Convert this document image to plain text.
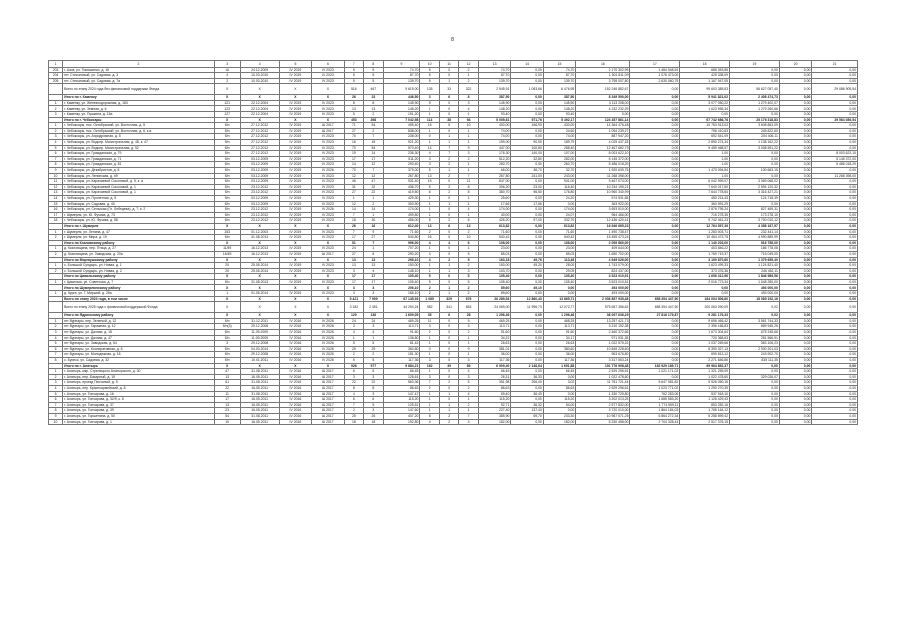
8
1	2	3	4	5	6	7	8	9	10	11	12	13	14	15	16	17	18	19	20	21
203	г. Азов, ул. Тимошенко, д. 16	Ш	24.12.2009	IV 2019	IV 2023	5	5	74,70	5	0	2	74,70	0,00	74,70	2 170 302,99	1 484 948,54	685 353,85	0,00	0,00	0,00
204	пгт. Стеколовый, ул. Садовая, д. 3	4	10.03.2010	IV 2019	IV 2023	5	5	87,70	5	0	1	87,70	0,00	87,70	1 501 811,09	1 076 473,00	425 338,09	0,00	0,00	0,00
205	пгт. Стеколовый, ул. Садовая, д. 7а	2	10.03.2010	IV 2019	IV 2023	5	5	139,70	5	1	2	139,70	0,00	139,70	3 798 007,80	2 630 060,75	1 167 947,05	0,00	0,00	0,00
	Всего по этапу 2024 года без финансовой поддержки Фонда	Х	Х	Х	Х	516	467	9 619,00	135	33	322	2 545,91	1 063,66	6 476,95	152 246 882,67	0,00	99 603 385,83	56 627 057,40	0,00	29 086 909,54
	Итого по г. Каменку	Х	Х	Х	Х	26	23	446,50	3	6	8	387,50	0,00	387,50	8 349 590,00	0,00	5 941 821,02	2 408 474,73	0,00	0,00
1	г. Каменку, ул. Железнодорожная, д. 183	121	22.12.2004	IV 2019	IV 2023	8	8	145,90	5	0	3	145,90	0,00	145,90	4 113 208,00	0,00	3 077 050,22	1 279 402,07	0,00	0,00
2	г. Каменку, ул. Земная, д. 6	123	22.12.2004	IV 2019	IV 2023	13	13	148,20	1	0	4	148,20	0,00	148,20	4 232 232,29	0,00	1 623 955,34	1 279 260,66	0,00	0,00
3	г. Каменку, ул. Пушкина, д. 15а	127	22.12.2004	IV 2019	IV 2023	5	2	151,20	1	0	1	93,40	0,00	93,40	0,00	0,00	0,00	0,00	0,00	0,00
	Итого по г. Чебоксары	Х	Х	Х	Х	453	398	7 042,98	114	38	94	5 005,61	971,76	5 492,17	124 457 861,14	0,00	67 742 686,76	25 176 318,83	0,00	29 564 089,54
1	г. Чебоксары, пос. Октябрьский, ул. Восточная, д. 5	б/н	27.12.2012	IV 2019	Ш 2017	71	54	495,40	15	5	10	400,00	166,90	430,00	14 364 476,48	0,00	10 753 913,02	3 608 863,09	0,00	0,00
2	г. Чебоксары, пос. Октябрьский, ул. Восточная, д. 6, к.а.	б/н	27.12.2012	IV 2019	Ш 2017	27	2	838,00	1	0	1	74,00	0,00	24,60	1 094 239,27	0,00	796 410,63	245 822,60	0,00	0,00
3	г. Чебоксары, ул. Аэродромная, д. 5	б/н	27.12.2012	IV 2019	IV 2023	70	7	238,00	0	1	1	74,00	0,00	74,00	887 947,20	0,00	692 541,09	204 406,11	0,00	0,00
4	г. Чебоксары, ул. Водопр. Магистральная, д. 48, к. 47	б/н	27.12.2012	IV 2019	IV 2023	16	18	921,20	1	1	1	199,00	90,90	189,79	4 029 437,18	0,00	2 890 274,34	1 138 162,22	0,00	0,00
5	г. Чебоксары, ул. Водопр. Магистральная, д. 52	б/н	27.12.2012	IV 2019	IV 2023	70	54	570,40	14	7	9	447,00	100,80	288,40	12 467 682,79	0,00	9 459 468,57	3 008 591,22	0,00	0,00
6	г. Чебоксары, ул. Гражданская, д. 79	б/н	27.12.2012	IV 2019	IV 2023	19	14	236,30	4	7	3	176,30	140,00	107,00	8 003 622,10	0,00	1,00	0,00	0,00	8 003 622,10
7	г. Чебоксары, ул. Гражданская, д. 71	б/н	03.12.2009	IV 2019	IV 2023	17	17	511,20	3	2	2	512,20	32,80	282,00	5 145 372,00	0,00	1,00	0,00	0,00	5 145 372,00
8	г. Чебоксары, ул. Гражданская, д. 81	б/н	03.12.2009	IV 2019	IV 2023	14	12	290,40	3	2	1	260,70	0,00	260,70	5 486 018,29	0,00	1,00	0,00	0,00	5 486 018,29
9	г. Чебоксары, ул. Декабристов, д. 8	б/н	03.12.2009	IV 2019	IV 2026	70	7	379,00	5	1	1	66,00	38,70	32,70	1 920 639,75	0,00	1 470 094,84	100 663,15	0,00	0,00
10	г. Чебоксары, ул. Ленинская, д. 69	б/н	03.12.2009	IV 2019	IV 2023	12	12	267,80	13	2	7	267,80	241,00	243,00	11 268 398,00	0,00	1,00	0,00	0,00	11 268 398,00
11	г. Чебоксары, ул. Карачаевой Соколовой, д. 5, к. а	б/н	03.12.2009	IV 2019	IV 2023	46	47	931,40	15	0	11	847,00	0,00	941,00	9 467 074,00	0,00	6 042 999,07	3 069 068,02	0,00	0,00
12	г. Чебоксары, ул. Карачаевой Соколовой, д. 1	б/н	23.12.2012	IV 2019	IV 2023	31	32	436,70	5	2	8	306,20	23,00	116,40	10 234 195,21	0,00	7 640 017,60	2 594 120,32	0,00	0,00
13	г. Чебоксары, ул. Карачаевой Соколовой, д. 1	б/н	23.12.2012	IV 2019	IV 2023	27	22	419,50	6	2	8	380,70	96,50	176,80	10 960 340,99	0,00	7 644 778,84	3 316 427,21	0,00	0,00
14	г. Чебоксары, ул. Пролетная, д. 5	б/н	03.12.2009	IV 2019	IV 2023	1	1	429,30	1	0	1	25,60	0,00	24,20	574 931,85	0,00	450 214,43	124 718,39	0,00	0,00
15	г. Чебоксары, ул. Садовая, д. 40	б/н	03.12.2009	IV 2019	IV 2023	12	2	300,90	1	1	1	17,66	17,66	0,00	363 922,00	0,00	360 991,29	0,00	0,00	0,00
16	г. Чебоксары, ул. Сельская (Гл. Лебедева), д. 7, к. 2	б/н	23.12.2012	IV 2019	IV 2026	14	14	174,00	1	0	4	174,00	0,00	174,00	3 693 510,00	0,00	2 876 795,24	827 469,31	0,00	0,00
17	г. Шумерля, ул. Ю. Фучика, д. 73	б/н	23.12.2012	IV 2019	IV 2023	7	1	499,80	1	0	1	40,00	0,00	24,0?	964 466,00	0,00	715 278,35	173 278,10	0,00	0,00
18	г. Чебоксары, ул. Ю. Фучика, д. 58	б/н	23.12.2012	IV 2019	IV 2023	18	30	456,00	5	2	6	426,20	97,00	332,70	12 436 420,41	0,00	9 742 461,23	3 700 010,12	0,00	0,00
	Итого по г. Шумерля	Х	Х	Х	Х	26	16	612,40	13	6	13	613,82	0,00	613,82	16 946 665,33	0,00	12 764 597,36	4 358 167,97	0,00	0,00
1	г. Шумерля, ул. Ленина, д. 47	153	01.12.2003	IV 2019	IV 2023	7	9	71,60	2	0	2	71,60	0,00	71,60	1 490 738,47	0,00	1 283 003,71	232 441,14	0,00	0,00
2	г. Шумерля, ул. Мира, д. 19	б/н	31.08.2013	IV 2019	IV 2023	17	27	540,80	16	0	10	540,42	0,00	540,42	15 455 473,24	0,00	10 464 473,75	4 990 889,99	0,00	0,00
	Итого по Козловскому району	Х	Х	Х	Х	51	7	996,00	4	4	6	108,00	0,00	108,00	2 059 860,00	0,00	1 140 203,00	916 758,00	0,00	0,00
1	д. Козловщина, пер. Птица, д. 27	11/49	16.12.2013	IV 2019	IV 2023	24	1	707,20	1	0	1	23,00	0,00	23,00	409 644,00	0,00	403 846,22	186 778,08	0,00	0,00
2	д. Козловщина, ул. Заводская, д. 20а	16/49	16.12.2013	IV 2019	Ш 2017	27	6	290,20	3	0	5	85,03	0,00	85,03	1 650 702,00	0,00	1 769 719,37	715 049,00	0,00	0,00
	Итого по Моргаушскому району	Х	Х	Х	Х	13	13	298,10	4	2	5	163,18	49,76	113,48	4 949 026,00	0,00	3 190 870,60	1 379 655,40	0,00	0,00
1	с. Большой Сундырь, ул. Новая, д. 1	20	25.05.2014	IV 2019	IV 2023	13	13	150,00	1	1	2	150,00	49,20	28,00	1 743 079,00	0,00	1 623 499,33	1 124 821,40	0,00	0,00
2	с. Большой Сундырь, ул. Новая, д. 2	20	25.05.2014	IV 2019	IV 2023	3	4	148,10	1	1	3	103,70	0,00	29,09	824 437,00	0,00	373 076,36	246 452,11	0,00	0,00
	Итого по Цивильскому району	Х	Х	Х	Х	17	17	105,40	5	0	5	105,40	0,00	105,40	3 523 010,51	0,00	1 696 312,96	1 846 989,56	0,00	0,00
1	г. Цивильск, ул. Советская, д. 7	б/н	31.08.2013	IV 2019	IV 2023	17	17	105,40	5	0	5	105,40	0,00	105,40	3 523 010,51	0,00	2 016 773,34	1 048 280,00	0,00	0,00
	Итого по Шумерлинскому району	Х	Х	Х	Х	3	3	206,10	2	1	2	89,60	49,10	0,00	493 000,00	0,00	0,00	493 000,00	0,00	0,00
1	д. Курга, ул. Г. Миршой, д. 25а	1	01.05.2014	IV 2019	IV 2023	3	3	166,10	2	1	2	89,60	0,00	0,00	493 000,00	0,00	0,00	493 000,00	0,00	0,00
	Всего по этапу 2024 года, в том числе	Х	Х	Х	Х	5 421	7 999	67 145,93	1 085	329	676	26 289,54	12 860,43	13 865,71	2 036 857 935,48	658 394 447,50	184 004 506,80	18 089 192,16	0,00	0,00
	Всего по этапу 2025 года с финансовой поддержкой Фонда	Х	Х	Х	Х	3 182	2 451	44 294,24	982	341	653	24 069,00	11 996,73	12 072,77	975 657 356,62	658 394 447,50	200 063 090,09	0,02	0,00	0,00
	Итого по Ядринскому району	Х	Х	Х	Х	129	136	1 609,05	35	6	28	1 296,46	0,00	1 296,46	36 097 636,29	27 816 179,87	9 281 176,33	0,02	0,00	0,00
1	пгт Вурнары, пер. Зеленый, д. 12	б/н	31.12.2011	IV 2016	IV 2026	24	24	469,25	11	0	9	469,25	0,00	468,25	13 257 421,73	0,00	9 696 465,42	3 561 744,33	0,00	0,00
2	пгт Вурнары, ул. Гаражная, д. 12	б/н(3)	29.12.2008	IV 2016	IV 2026	3	3	113,71	3	0	3	113,71	0,00	113,71	3 210 192,38	0,00	2 396 166,83	869 945,26	0,00	0,00
3	пгт Вурнары, ул. Дачная, д. 18	б/н	11.09.2009	IV 2016	IV 2026	4	4	91,60	2	0	2	91,60	0,00	91,60	2 460 372,66	0,00	1 673 304,64	675 245,66	0,00	0,00
4	пгт Вурнары, ул. Дачная, д. 47	б/н	11.09.2009	IV 2016	IV 2026	1	1	136,80	1	0	1	34,22	0,00	34,17	971 931,35	0,00	720 368,63	251 566,91	0,00	0,00
5	пгт Вурнары, ул. Заводская, д. 54	3	29.12.2008	IV 2016	IV 2026	5	5	81,42	1	0	1	26,63	0,00	26,63	1 022 575,22	0,00	1 037 269,66	363 106,23	0,02	0,00
6	пгт Вурнары, ул. Кооперативная, д. 8	б/н	04.03.2014	IV 2016	IV 2026	29	29	360,80	0	0	9	381,01	0,00	380,60	10 849 228,80	0,00	5 390 327,13	2 930 201,03	0,00	0,00
7	пгт Вурнары, ул. Молодежная, д. 18	б/н	29.12.2008	IV 2016	IV 2026	2	2	181,30	1	0	1	36,00	0,00	36,00	963 676,80	0,00	699 813,12	243 902,70	0,00	0,00
8	с. Буинск, ул. Садовая, д. 32	б/н	10.01.2011	IV 2016	IV 2026	5	5	117,36	3	0	3	117,36	0,00	117,36	3 317 553,24	0,00	2 271 846,86	835 111,35	0,00	0,00
	Итого по г. Алатырь	Х	Х	Х	Х	926	977	9 884,21	162	39	89	6 909,40	2 146,64	1 651,88	191 776 908,48	182 929 189,71	89 964 852,37	0,00	0,00	0,00
1	г. Алатырь, мкр. Стрелецкого Алатырского, д. 30	47	31.08.2011	IV 2016	Ш 2017	6	6	66,45	1	0	4	66,45	0,00	66,45	2 529 296,51	1 021 171,02	1 321 259,09	0,00	0,00	0,00
2	г. Алатырь, пер. Базарный, д. 15	13	16.05.2011	IV 2016	Ш 2017	3	3	125,61	3	0	3	26,31	36,33	0,00	1 022 478,60	0,00	1 022 478,60	329 026,07	0,00	0,00
3	г. Алатырь, проезд Песчаный, д. 5	61	31.08.2011	IV 2016	Ш 2017	22	22	560,36	7	2	5	351,98	206,40	3,02	11 761 721,44	5 647 081,82	5 526 050,16	0,00	0,00	0,00
4	г. Алатырь, пер. Красноармейский, д. 8	22	16.05.2011	IV 2016	Ш 2017	8	8	86,63	2	0	2	86,63	0,00	86,63	2 529 296,51	1 023 771,02	1 290 270,39	0,00	0,00	0,00
5	г. Алатырь, ул. Гончарова, д. 16	11	31.08.2011	IV 2016	Ш 2017	4	3	147,47	1	1	4	69,40	36,49	0,00	1 330 729,80	762 253,06	537 918,10	0,00	0,00	0,00
6	г. Алатырь, ул. Гончарова, д. 32/9, к. 6	17	16.05.2011	IV 2016	Ш 2017	6	6	115,20	1	0	1	115,20	0,00	115,20	3 202 013,25	1 685 583,20	1 126 429,43	0,00	0,00	0,00
7	г. Алатырь, ул. Гончарова, д. 37	13	16.05.2011	IV 2016	Ш 2017	7	5	125,51	1	1	2	92,71	36,32	54,00	2 577 832,00	1 774 559,11	853 282,16	0,00	0,00	0,00
8	г. Алатырь, ул. Гончарова, д. 39	23	16.05.2011	IV 2016	Ш 2017	2	3	147,60	1	1	1	227,40	137,40	0,00	3 720 010,00	1 864 184,03	1 765 164,12	0,00	0,00	0,00
9	г. Алатырь, ул. Горшенина, д. 50	54	31.08.2011	IV 2016	Ш 2017	25	26	407,20	8	2	7	385,90	69,70	233,30	10 987 571,25	6 864 272,34	5 258 899,42	0,00	0,00	0,00
10	г. Алатырь, ул. Гончарова, д. 1	10	16.05.2011	IV 2016	Ш 2017	18	18	192,80	4	2	3	182,00	0,00	182,00	5 230 458,00	2 704 328,44	2 517 376,15	0,00	0,00	0,00
